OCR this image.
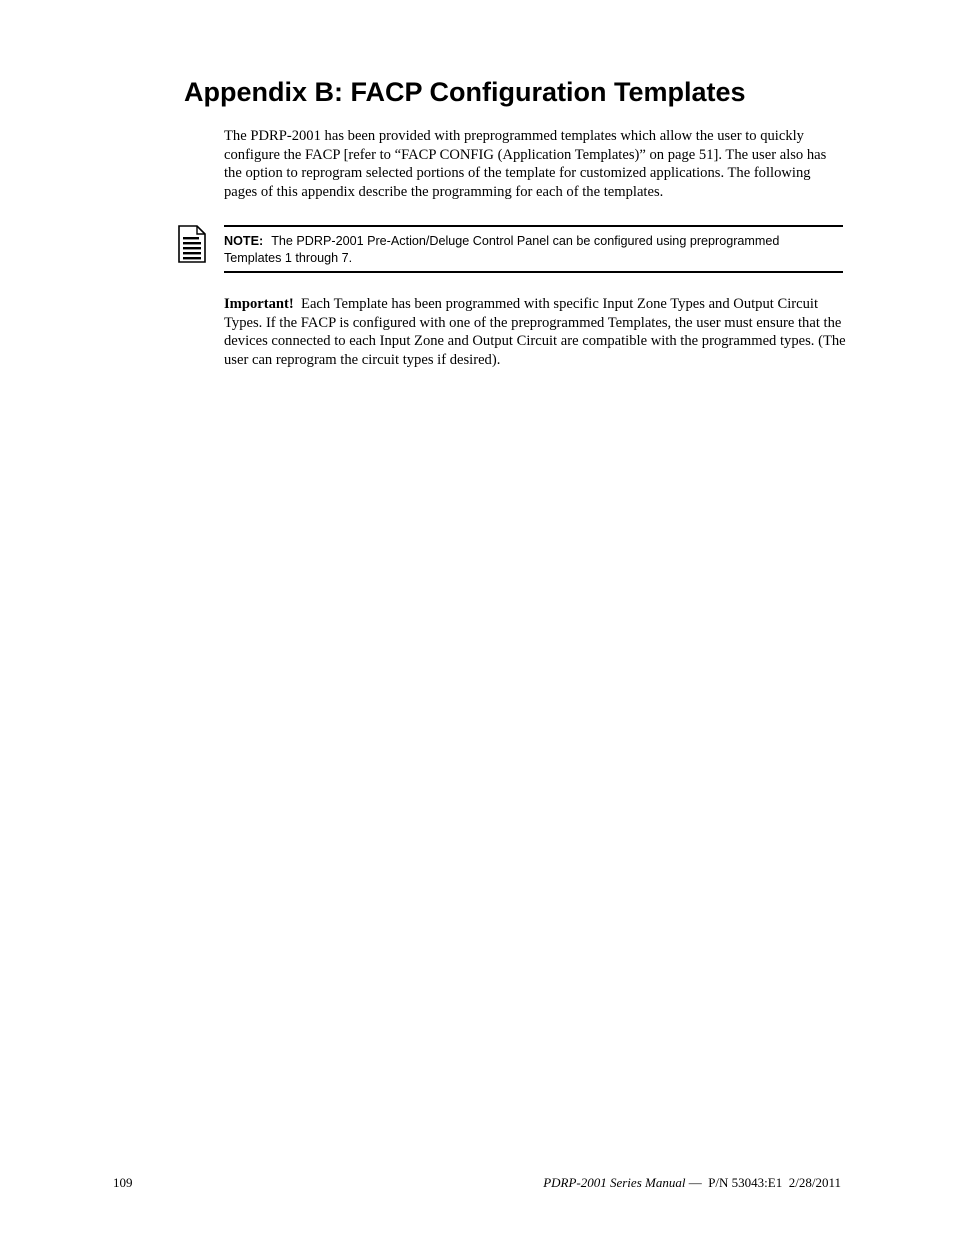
Appendix B: FACP Configuration Templates

The PDRP-2001 has been provided with preprogrammed templates which allow the user to quickly configure the FACP [refer to “FACP CONFIG (Application Templates)” on page 51]. The user also has the option to reprogram selected portions of the template for customized applications. The following pages of this appendix describe the programming for each of the templates.

NOTE: The PDRP-2001 Pre-Action/Deluge Control Panel can be configured using preprogrammed Templates 1 through 7.

Important! Each Template has been programmed with specific Input Zone Types and Output Circuit Types. If the FACP is configured with one of the preprogrammed Templates, the user must ensure that the devices connected to each Input Zone and Output Circuit are compatible with the programmed types. (The user can reprogram the circuit types if desired).

109	PDRP-2001 Series Manual — P/N 53043:E1 2/28/2011
